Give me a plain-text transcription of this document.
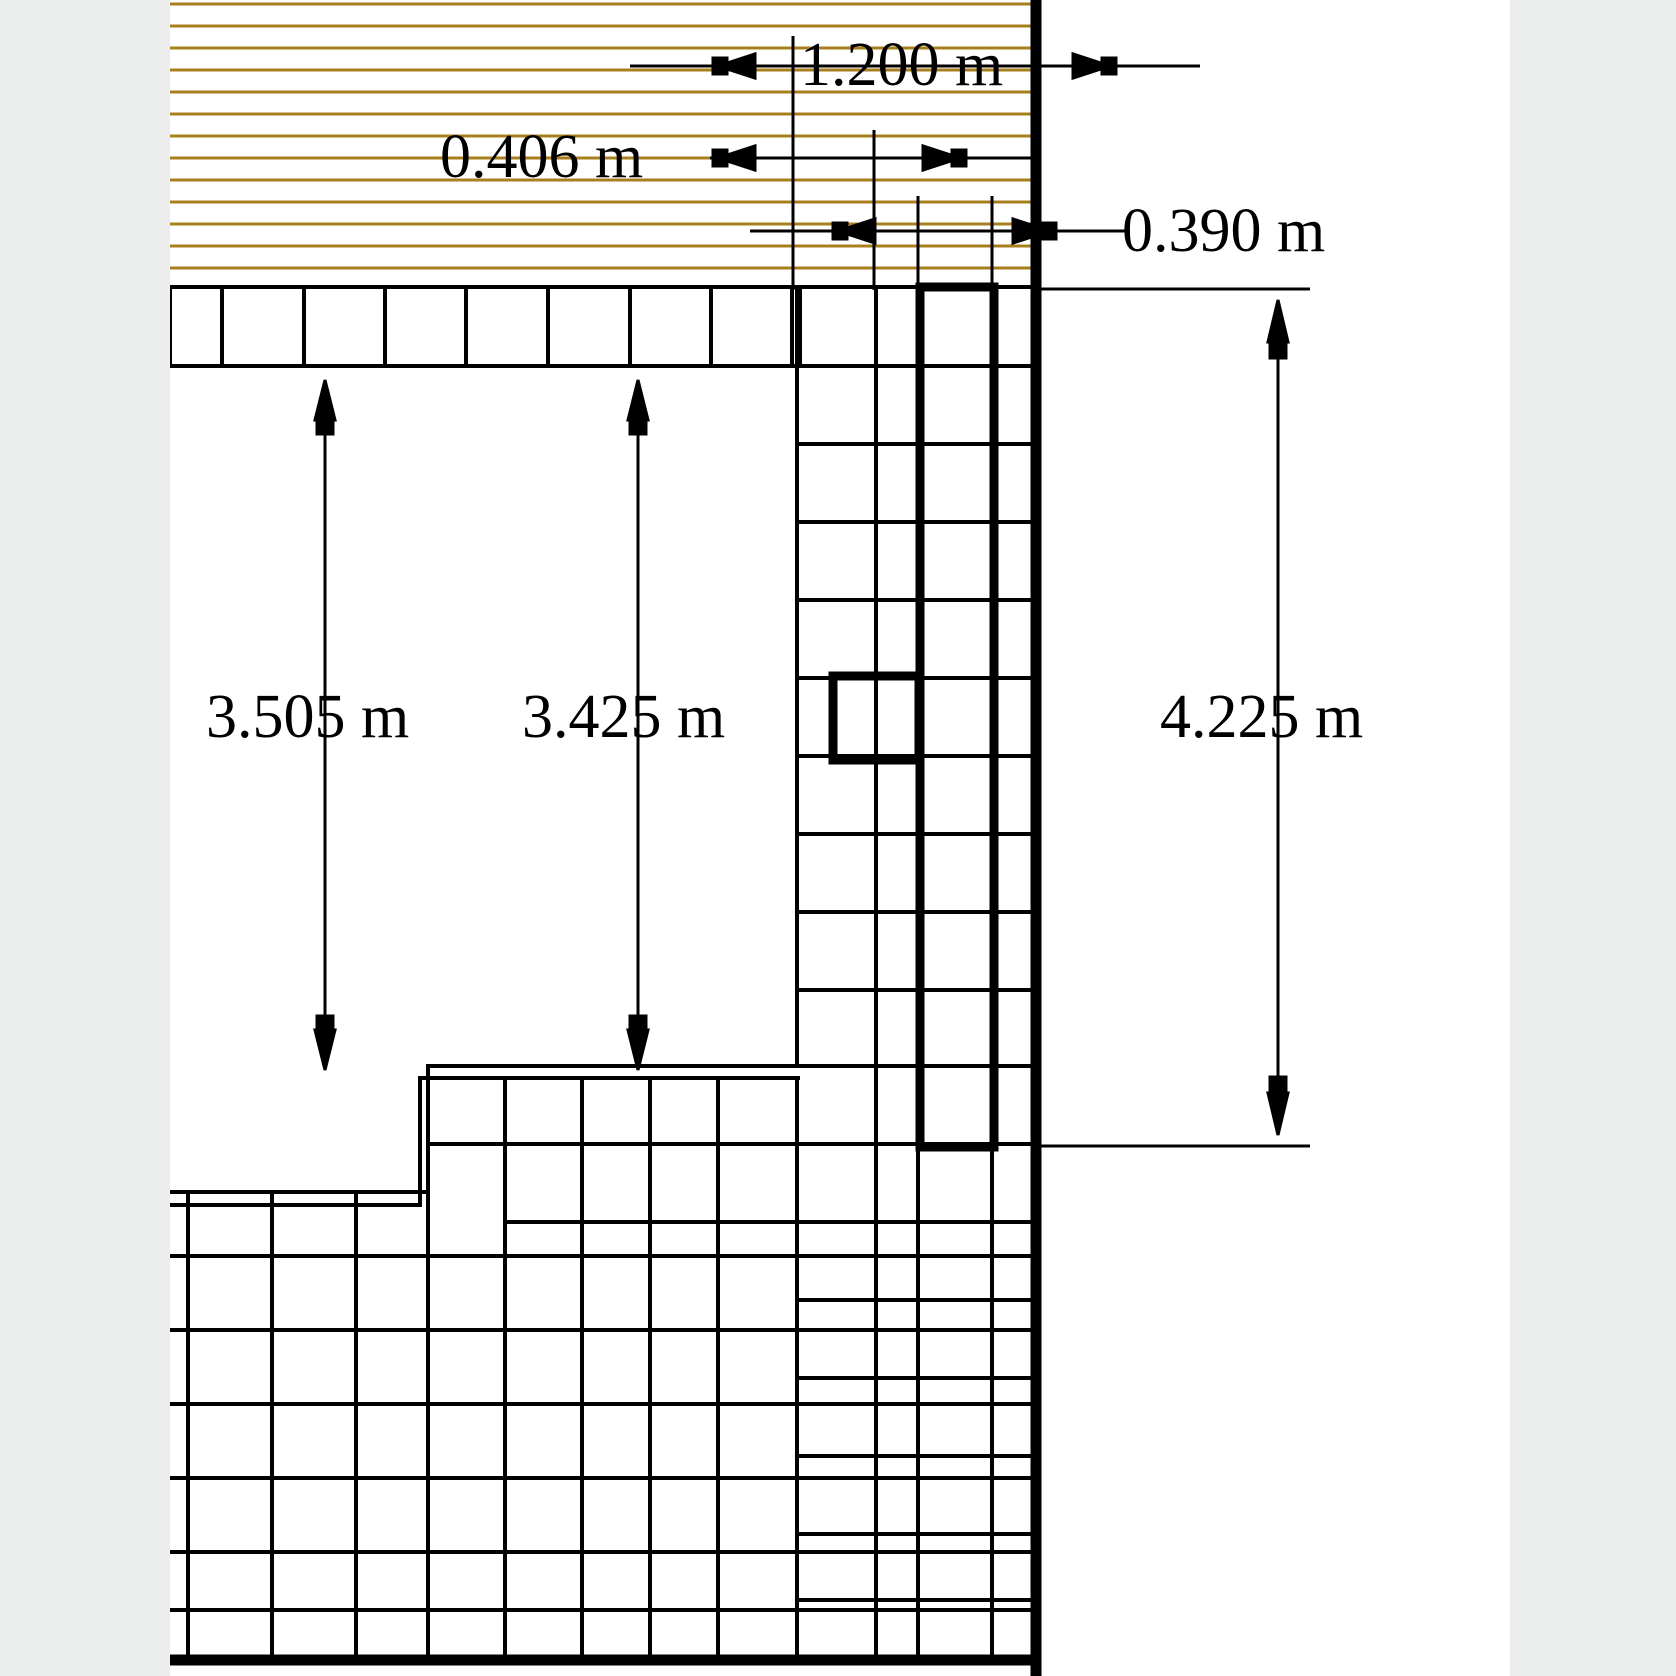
1.200 m
0.406 m
0.390 m
3.505 m 3.425 m	4.225 m
